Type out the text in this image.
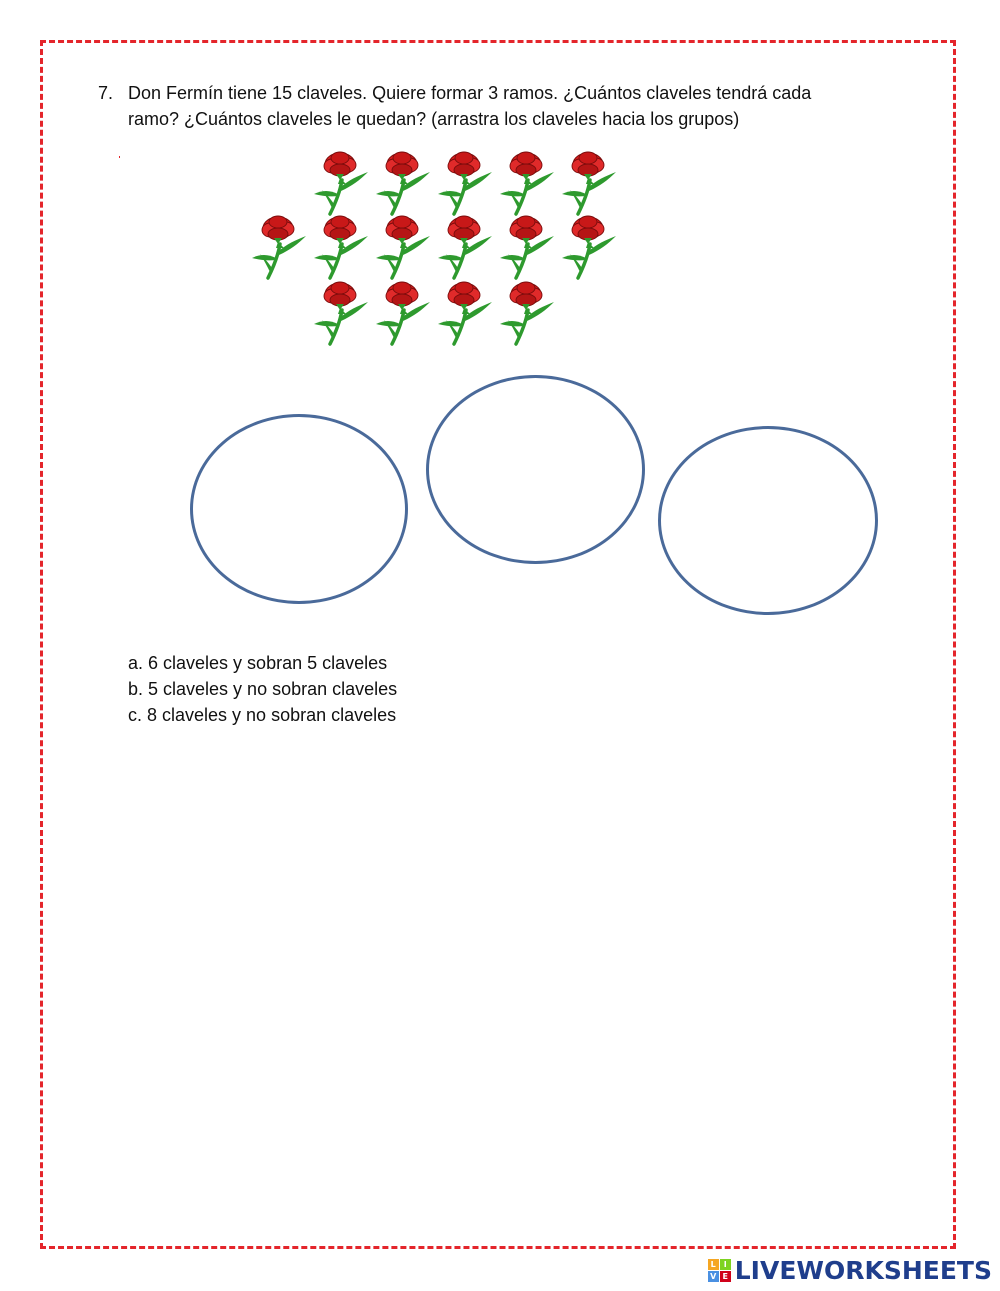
7. Don Fermín tiene 15 claveles. Quiere formar 3 ramos. ¿Cuántos claveles tendrá cada
ramo? ¿Cuántos claveles le quedan? (arrastra los claveles hacia los grupos)
a. 6 claveles y sobran 5 claveles
b. 5 claveles y no sobran claveles
c. 8 claveles y no sobran claveles
L I
V E LIVEWORKSHEETS
